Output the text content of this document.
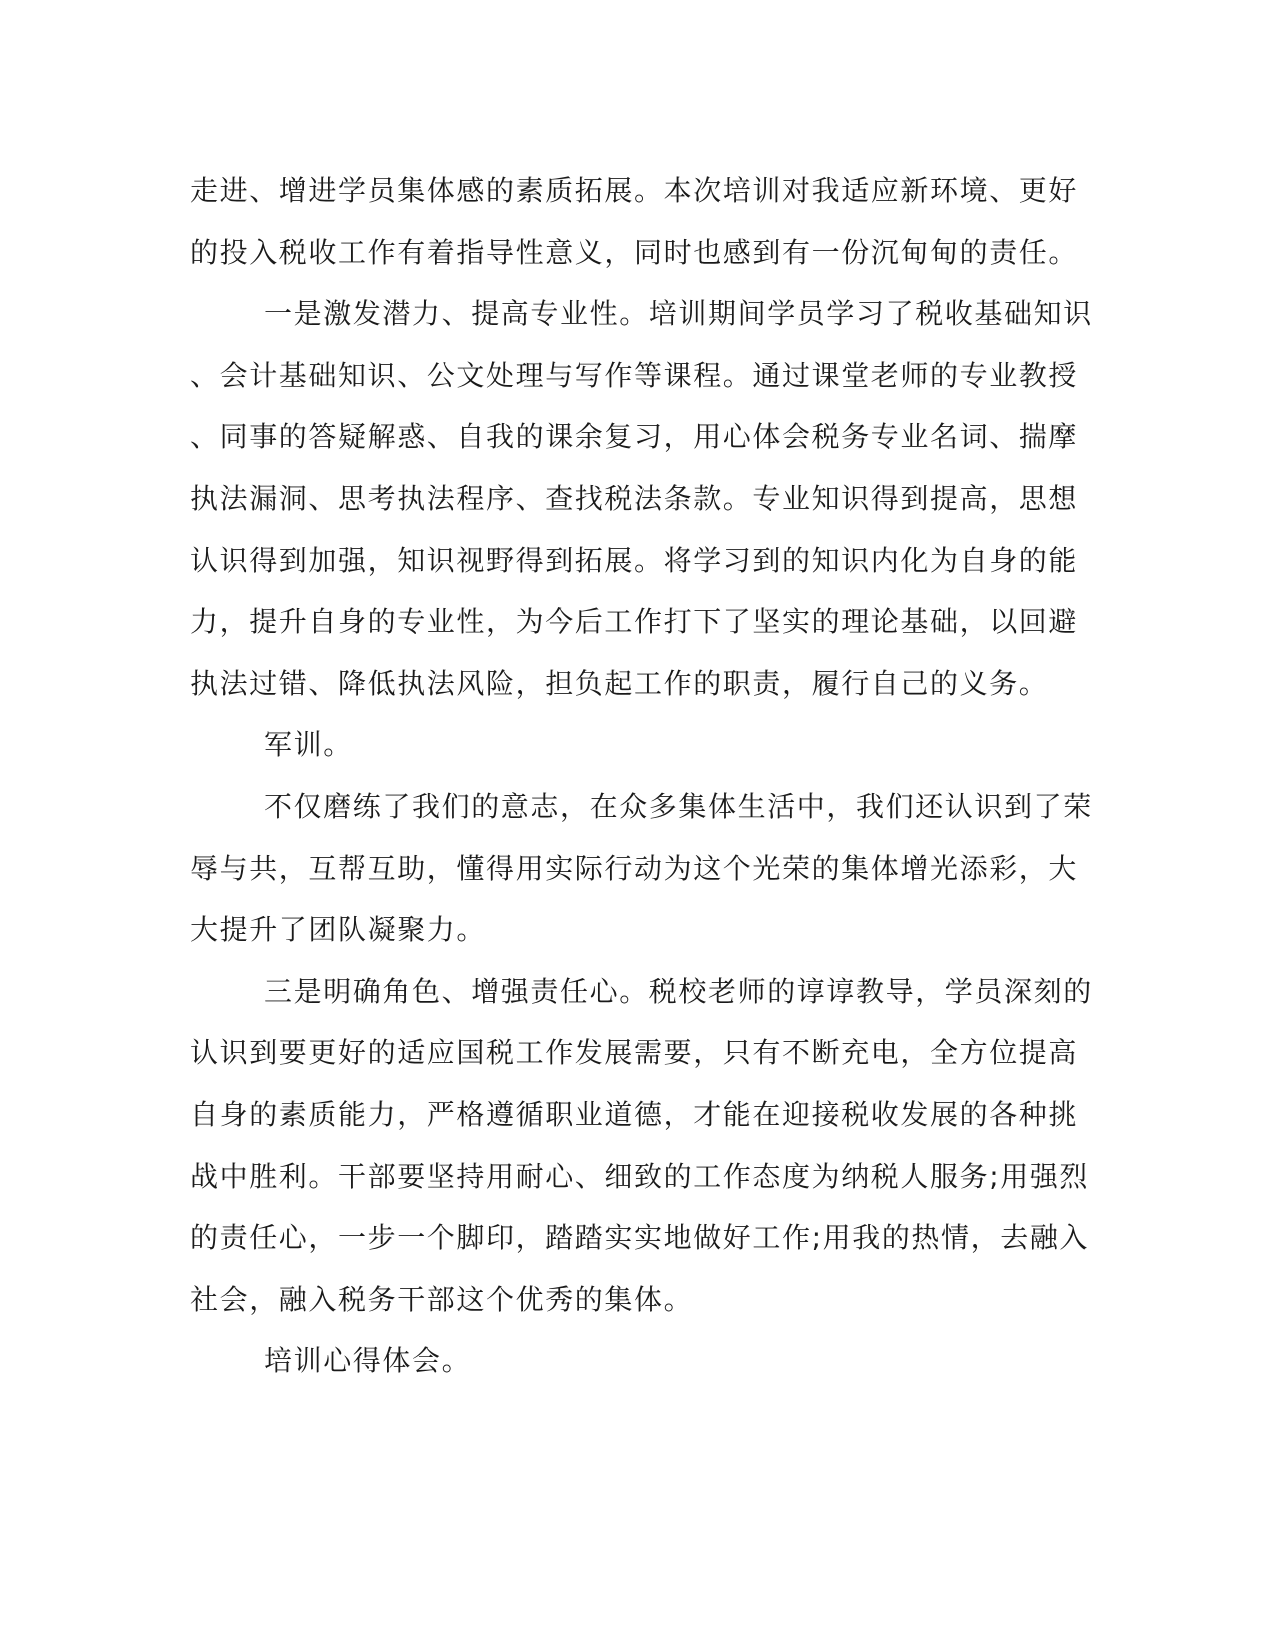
走进、增进学员集体感的素质拓展。本次培训对我适应新环境、更好
的投入税收工作有着指导性意义，同时也感到有一份沉甸甸的责任。
一是激发潜力、提高专业性。培训期间学员学习了税收基础知识
、会计基础知识、公文处理与写作等课程。通过课堂老师的专业教授
、同事的答疑解惑、自我的课余复习，用心体会税务专业名词、揣摩
执法漏洞、思考执法程序、查找税法条款。专业知识得到提高，思想
认识得到加强，知识视野得到拓展。将学习到的知识内化为自身的能
力，提升自身的专业性，为今后工作打下了坚实的理论基础，以回避
执法过错、降低执法风险，担负起工作的职责，履行自己的义务。
军训。
不仅磨练了我们的意志，在众多集体生活中，我们还认识到了荣
辱与共，互帮互助，懂得用实际行动为这个光荣的集体增光添彩，大
大提升了团队凝聚力。
三是明确角色、增强责任心。税校老师的谆谆教导，学员深刻的
认识到要更好的适应国税工作发展需要，只有不断充电，全方位提高
自身的素质能力，严格遵循职业道德，才能在迎接税收发展的各种挑
战中胜利。干部要坚持用耐心、细致的工作态度为纳税人服务;用强烈
的责任心，一步一个脚印，踏踏实实地做好工作;用我的热情，去融入
社会，融入税务干部这个优秀的集体。
培训心得体会。
